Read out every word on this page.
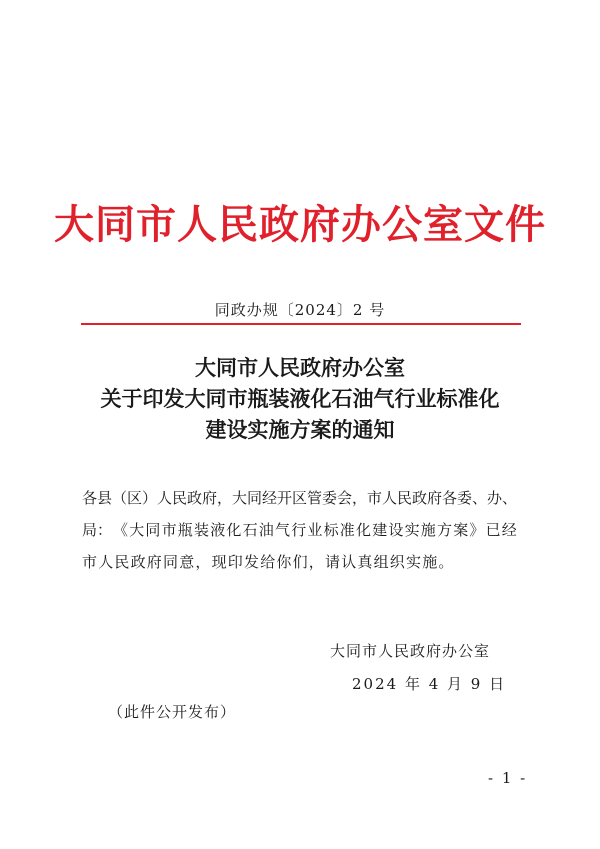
大同市人民政府办公室文件
同政办规〔2024〕2 号
大同市人民政府办公室
关于印发大同市瓶装液化石油气行业标准化
建设实施方案的通知
各县（区）人民政府，大同经开区管委会，市人民政府各委、办、局： 《大同市瓶装液化石油气行业标准化建设实施方案》已经市人民政府同意，现印发给你们，请认真组织实施。
大同市人民政府办公室
2024 年 4 月 9 日
（此件公开发布）
- 1 -
